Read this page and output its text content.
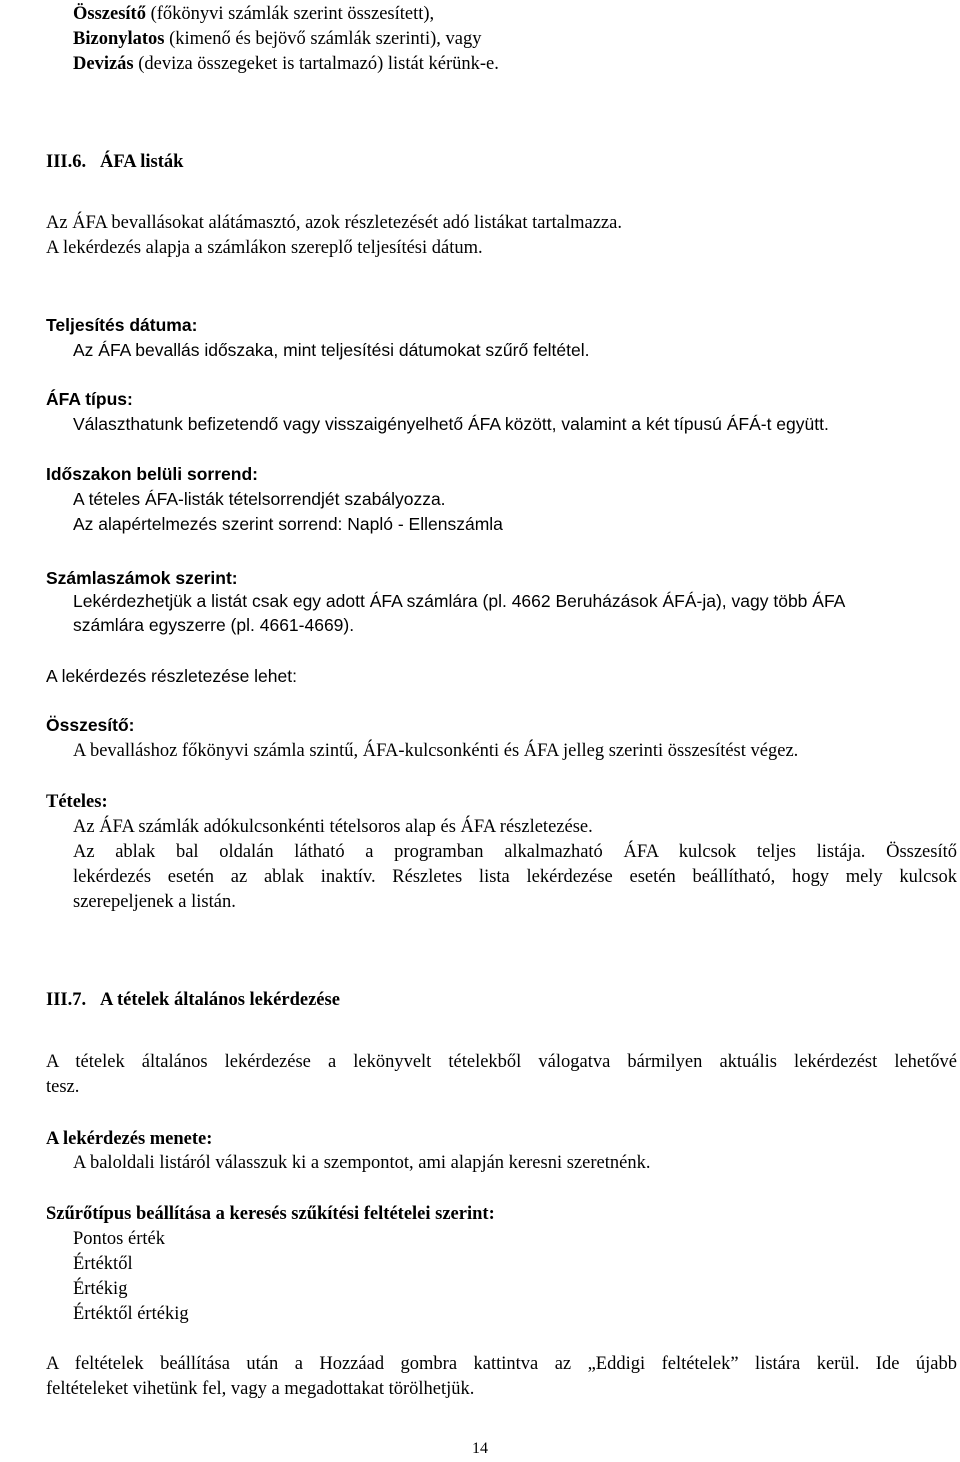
Összesítő (főkönyvi számlák szerint összesített),
Bizonylatos (kimenő és bejövő számlák szerinti), vagy
Devizás (deviza összegeket is tartalmazó) listát kérünk-e.
III.6. ÁFA listák
Az ÁFA bevallásokat alátámasztó, azok részletezését adó listákat tartalmazza.
A lekérdezés alapja a számlákon szereplő teljesítési dátum.
Teljesítés dátuma:
Az ÁFA bevallás időszaka, mint teljesítési dátumokat szűrő feltétel.
ÁFA típus:
Választhatunk befizetendő vagy visszaigényelhető ÁFA között, valamint a két típusú ÁFÁ-t együtt.
Időszakon belüli sorrend:
A tételes ÁFA-listák tételsorrendjét szabályozza.
Az alapértelmezés szerint sorrend: Napló - Ellenszámla
Számlaszámok szerint:
Lekérdezhetjük a listát csak egy adott ÁFA számlára (pl. 4662 Beruházások ÁFÁ-ja), vagy több ÁFA
számlára egyszerre (pl. 4661-4669).
A lekérdezés részletezése lehet:
Összesítő:
A bevalláshoz főkönyvi számla szintű, ÁFA-kulcsonkénti és ÁFA jelleg szerinti összesítést végez.
Tételes:
Az ÁFA számlák adókulcsonkénti tételsoros alap és ÁFA részletezése.
Az ablak bal oldalán látható a programban alkalmazható ÁFA kulcsok teljes listája. Összesítő
lekérdezés esetén az ablak inaktív. Részletes lista lekérdezése esetén beállítható, hogy mely kulcsok
szerepeljenek a listán.
III.7. A tételek általános lekérdezése
A tételek általános lekérdezése a lekönyvelt tételekből válogatva bármilyen aktuális lekérdezést lehetővé
tesz.
A lekérdezés menete:
A baloldali listáról válasszuk ki a szempontot, ami alapján keresni szeretnénk.
Szűrőtípus beállítása a keresés szűkítési feltételei szerint:
Pontos érték
Értéktől
Értékig
Értéktől értékig
A feltételek beállítása után a Hozzáad gombra kattintva az „Eddigi feltételek” listára kerül. Ide újabb
feltételeket vihetünk fel, vagy a megadottakat törölhetjük.
14
